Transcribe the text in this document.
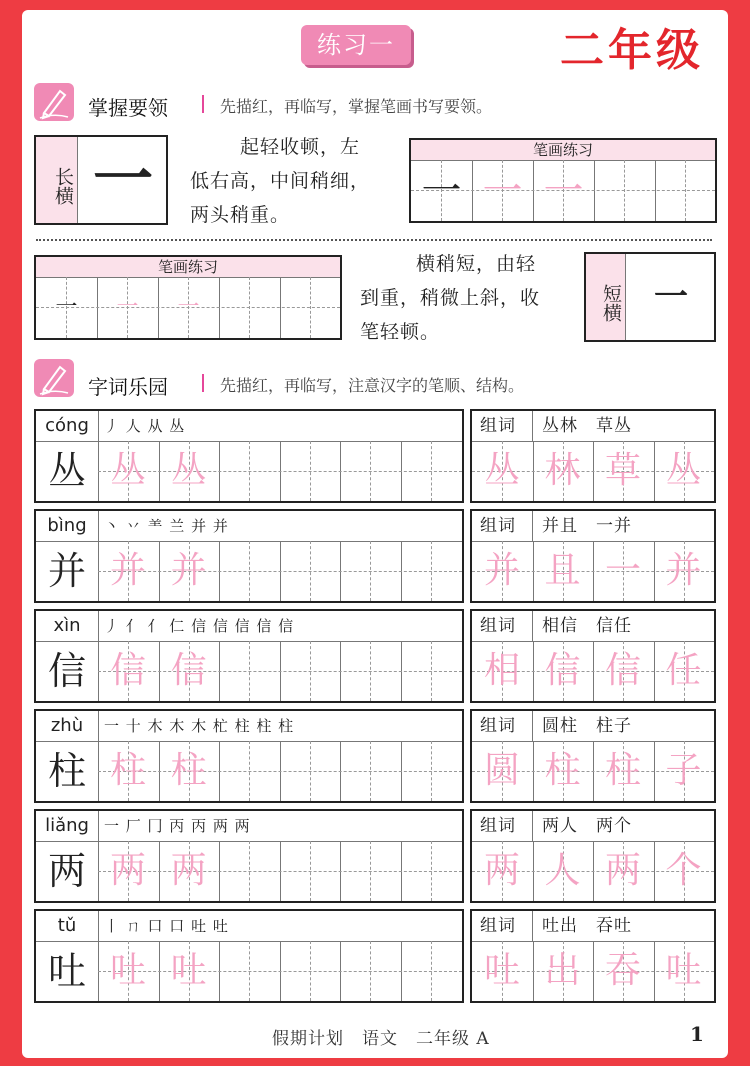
练习一	二年级
掌握要领	先描红，再临写，掌握笔画书写要领。
长横 一	起轻收顿，左
低右高，中间稍细，
两头稍重。
笔画练习
一 一 一
笔画练习
一	一	一
横稍短，由轻
到重，稍微上斜，收
笔轻顿。
短横 一
字词乐园	先描红，再临写，注意汉字的笔顺、结构。
cóng	丿 人 从 丛
丛 丛 丛
组词	丛林　草丛
丛 林 草 丛
bìng	丶 丷 ⺷ 兰 并 并
并 并 并
组词	并且　一并
并 且 一 并
xìn	丿 亻 亻 仁 信 信 信 信 信
信 信 信
组词	相信　信任
相 信 信 任
zhù	一 十 木 木 木 杧 柱 柱 柱
柱 柱 柱
组词	圆柱　柱子
圆 柱 柱 子
liǎng	一 厂 冂 丙 丙 两 两
两 两 两
组词	两人　两个
两 人 两 个
tǔ	丨 ㄇ 口 口 吐 吐
吐 吐 吐
组词	吐出　吞吐
吐 出 吞 吐
假期计划　语文　二年级 A	1
